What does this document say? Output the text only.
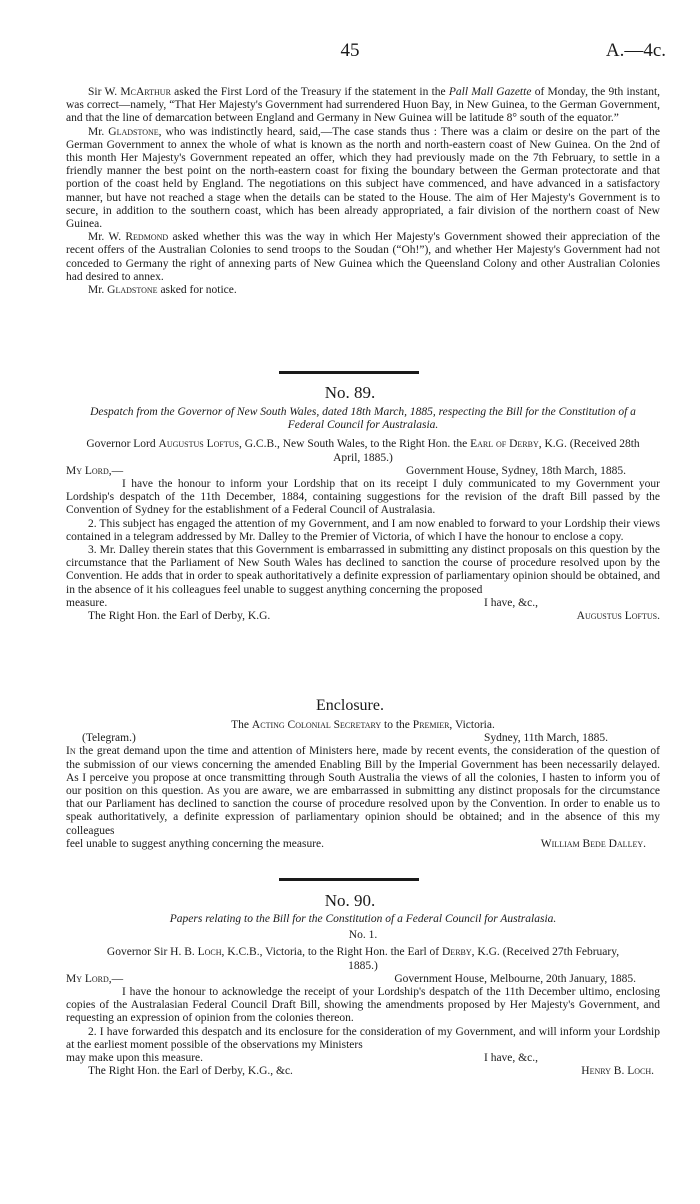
45	A.—4c.

Sir W. McArthur asked the First Lord of the Treasury if the statement in the Pall Mall Gazette of Monday, the 9th instant, was correct—namely, “That Her Majesty's Government had surrendered Huon Bay, in New Guinea, to the German Government, and that the line of demarcation between England and Germany in New Guinea will be latitude 8° south of the equator.”

Mr. Gladstone, who was indistinctly heard, said,—The case stands thus : There was a claim or desire on the part of the German Government to annex the whole of what is known as the north and north-eastern coast of New Guinea. On the 2nd of this month Her Majesty's Government repeated an offer, which they had previously made on the 7th February, to settle in a friendly manner the best point on the north-eastern coast for fixing the boundary between the German protectorate and that portion of the coast held by England. The negotiations on this subject have commenced, and have advanced in a satisfactory manner, but have not reached a stage when the details can be stated to the House. The aim of Her Majesty's Government is to secure, in addition to the southern coast, which has been already appropriated, a fair division of the northern coast of New Guinea.

Mr. W. Redmond asked whether this was the way in which Her Majesty's Government showed their appreciation of the recent offers of the Australian Colonies to send troops to the Soudan (“Oh!”), and whether Her Majesty's Government had not conceded to Germany the right of annexing parts of New Guinea which the Queensland Colony and other Australian Colonies had desired to annex.

Mr. Gladstone asked for notice.

No. 89.

Despatch from the Governor of New South Wales, dated 18th March, 1885, respecting the Bill for the Constitution of a Federal Council for Australasia.

Governor Lord Augustus Loftus, G.C.B., New South Wales, to the Right Hon. the Earl of Derby, K.G. (Received 28th April, 1885.)

My Lord,—	Government House, Sydney, 18th March, 1885.

I have the honour to inform your Lordship that on its receipt I duly communicated to my Government your Lordship's despatch of the 11th December, 1884, containing suggestions for the revision of the draft Bill passed by the Convention of Sydney for the establishment of a Federal Council of Australasia.

2. This subject has engaged the attention of my Government, and I am now enabled to forward to your Lordship their views contained in a telegram addressed by Mr. Dalley to the Premier of Victoria, of which I have the honour to enclose a copy.

3. Mr. Dalley therein states that this Government is embarrassed in submitting any distinct proposals on this question by the circumstance that the Parliament of New South Wales has declined to sanction the course of procedure resolved upon by the Convention. He adds that in order to speak authoritatively a definite expression of parliamentary opinion should be obtained, and in the absence of it his colleagues feel unable to suggest anything concerning the proposed

measure.	I have, &c.,
The Right Hon. the Earl of Derby, K.G.	Augustus Loftus.
Enclosure.

The Acting Colonial Secretary to the Premier, Victoria.

(Telegram.)	Sydney, 11th March, 1885.

In the great demand upon the time and attention of Ministers here, made by recent events, the consideration of the question of the submission of our views concerning the amended Enabling Bill by the Imperial Government has been necessarily delayed. As I perceive you propose at once transmitting through South Australia the views of all the colonies, I hasten to inform you of our position on this question. As you are aware, we are embarrassed in submitting any distinct proposals for the circumstance that our Parliament has declined to sanction the course of procedure resolved upon by the Convention. In order to enable us to speak authoritatively, a definite expression of parliamentary opinion should be obtained; and in the absence of this my colleagues

feel unable to suggest anything concerning the measure.	William Bede Dalley.
No. 90.

Papers relating to the Bill for the Constitution of a Federal Council for Australasia.

No. 1.

Governor Sir H. B. Loch, K.C.B., Victoria, to the Right Hon. the Earl of Derby, K.G. (Received 27th February, 1885.)

My Lord,—	Government House, Melbourne, 20th January, 1885.

I have the honour to acknowledge the receipt of your Lordship's despatch of the 11th December ultimo, enclosing copies of the Australasian Federal Council Draft Bill, showing the amendments proposed by Her Majesty's Government, and requesting an expression of opinion from the colonies thereon.

2. I have forwarded this despatch and its enclosure for the consideration of my Government, and will inform your Lordship at the earliest moment possible of the observations my Ministers

may make upon this measure.	I have, &c.,
The Right Hon. the Earl of Derby, K.G., &c.	Henry B. Loch.
